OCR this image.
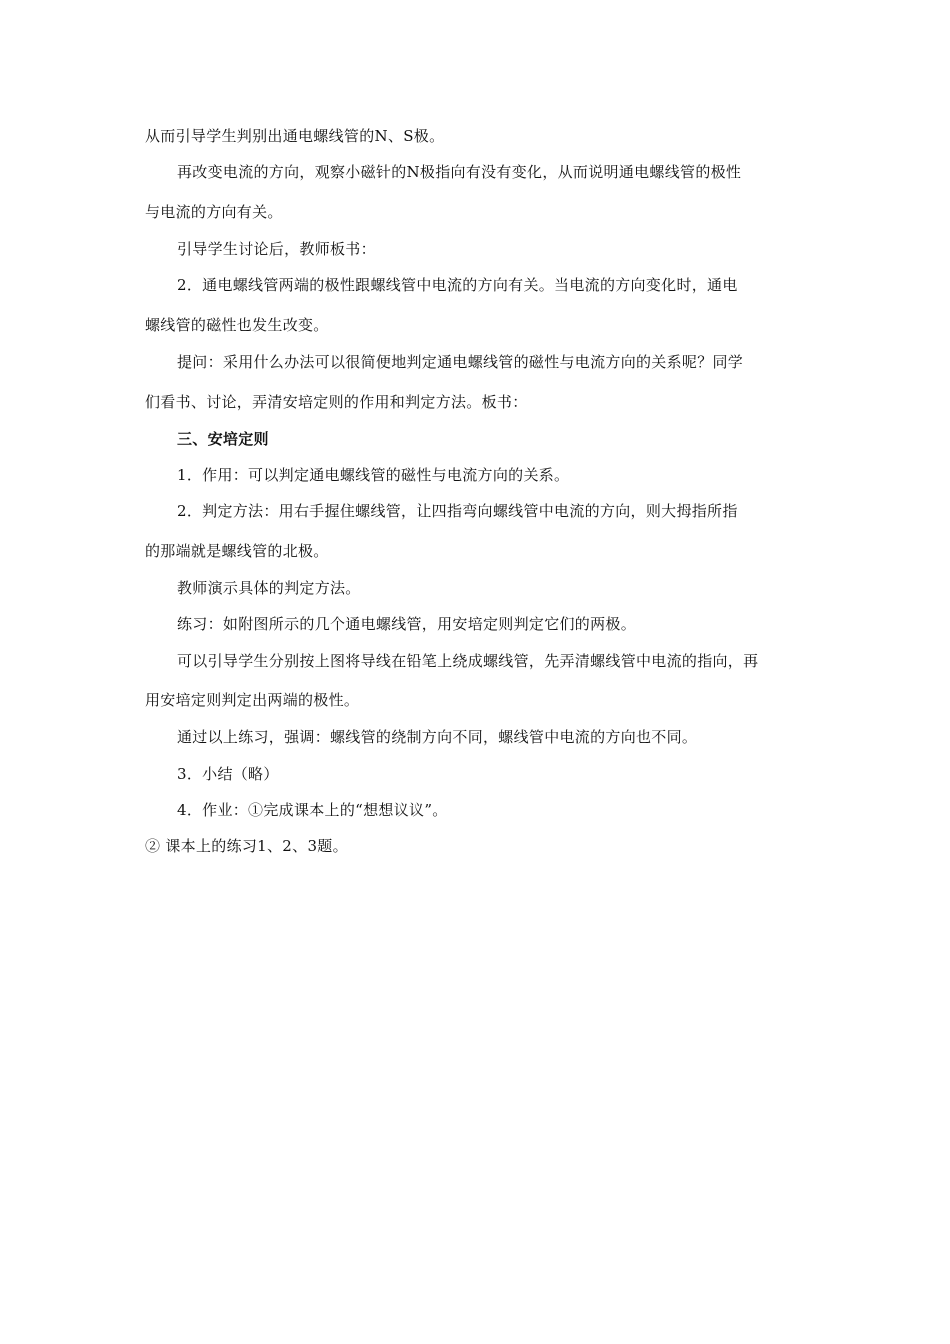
从而引导学生判别出通电螺线管的N、S极。
再改变电流的方向，观察小磁针的N极指向有没有变化，从而说明通电螺线管的极性
与电流的方向有关。
引导学生讨论后，教师板书：
2．通电螺线管两端的极性跟螺线管中电流的方向有关。当电流的方向变化时，通电
螺线管的磁性也发生改变。
提问：采用什么办法可以很简便地判定通电螺线管的磁性与电流方向的关系呢？同学
们看书、讨论，弄清安培定则的作用和判定方法。板书：
三、安培定则
1．作用：可以判定通电螺线管的磁性与电流方向的关系。
2．判定方法：用右手握住螺线管，让四指弯向螺线管中电流的方向，则大拇指所指
的那端就是螺线管的北极。
教师演示具体的判定方法。
练习：如附图所示的几个通电螺线管，用安培定则判定它们的两极。
可以引导学生分别按上图将导线在铅笔上绕成螺线管，先弄清螺线管中电流的指向，再
用安培定则判定出两端的极性。
通过以上练习，强调：螺线管的绕制方向不同，螺线管中电流的方向也不同。
3．小结（略）
4．作业：①完成课本上的“想想议议”。
② 课本上的练习1、2、3题。
